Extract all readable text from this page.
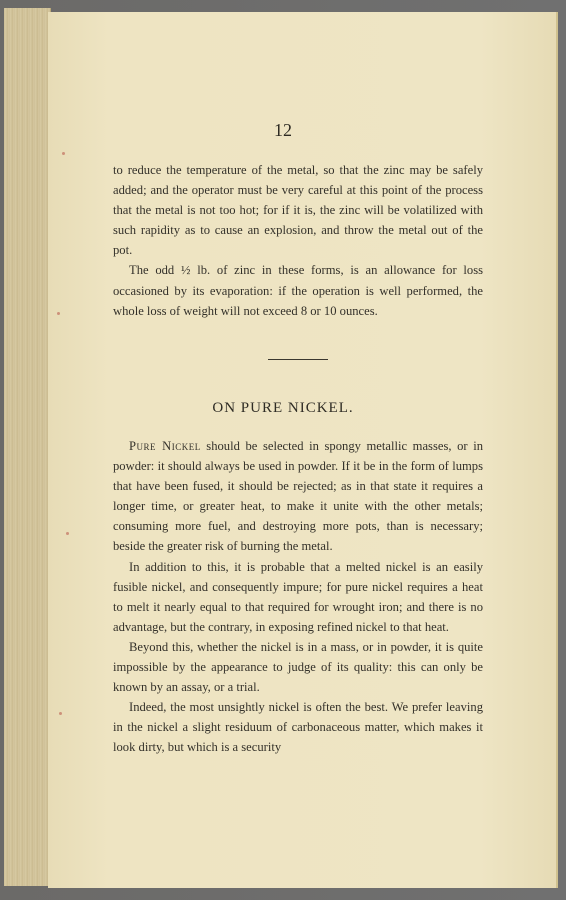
12

to reduce the temperature of the metal, so that the zinc may be safely added; and the operator must be very careful at this point of the process that the metal is not too hot; for if it is, the zinc will be volatilized with such rapidity as to cause an explosion, and throw the metal out of the pot.

The odd ½ lb. of zinc in these forms, is an allowance for loss occasioned by its evaporation: if the operation is well performed, the whole loss of weight will not exceed 8 or 10 ounces.

ON PURE NICKEL.

Pure Nickel should be selected in spongy metallic masses, or in powder: it should always be used in powder. If it be in the form of lumps that have been fused, it should be rejected; as in that state it requires a longer time, or greater heat, to make it unite with the other metals; consuming more fuel, and destroying more pots, than is necessary; beside the greater risk of burning the metal.

In addition to this, it is probable that a melted nickel is an easily fusible nickel, and consequently impure; for pure nickel requires a heat to melt it nearly equal to that required for wrought iron; and there is no advantage, but the contrary, in exposing refined nickel to that heat.

Beyond this, whether the nickel is in a mass, or in powder, it is quite impossible by the appearance to judge of its quality: this can only be known by an assay, or a trial.

Indeed, the most unsightly nickel is often the best. We prefer leaving in the nickel a slight residuum of carbonaceous matter, which makes it look dirty, but which is a security
